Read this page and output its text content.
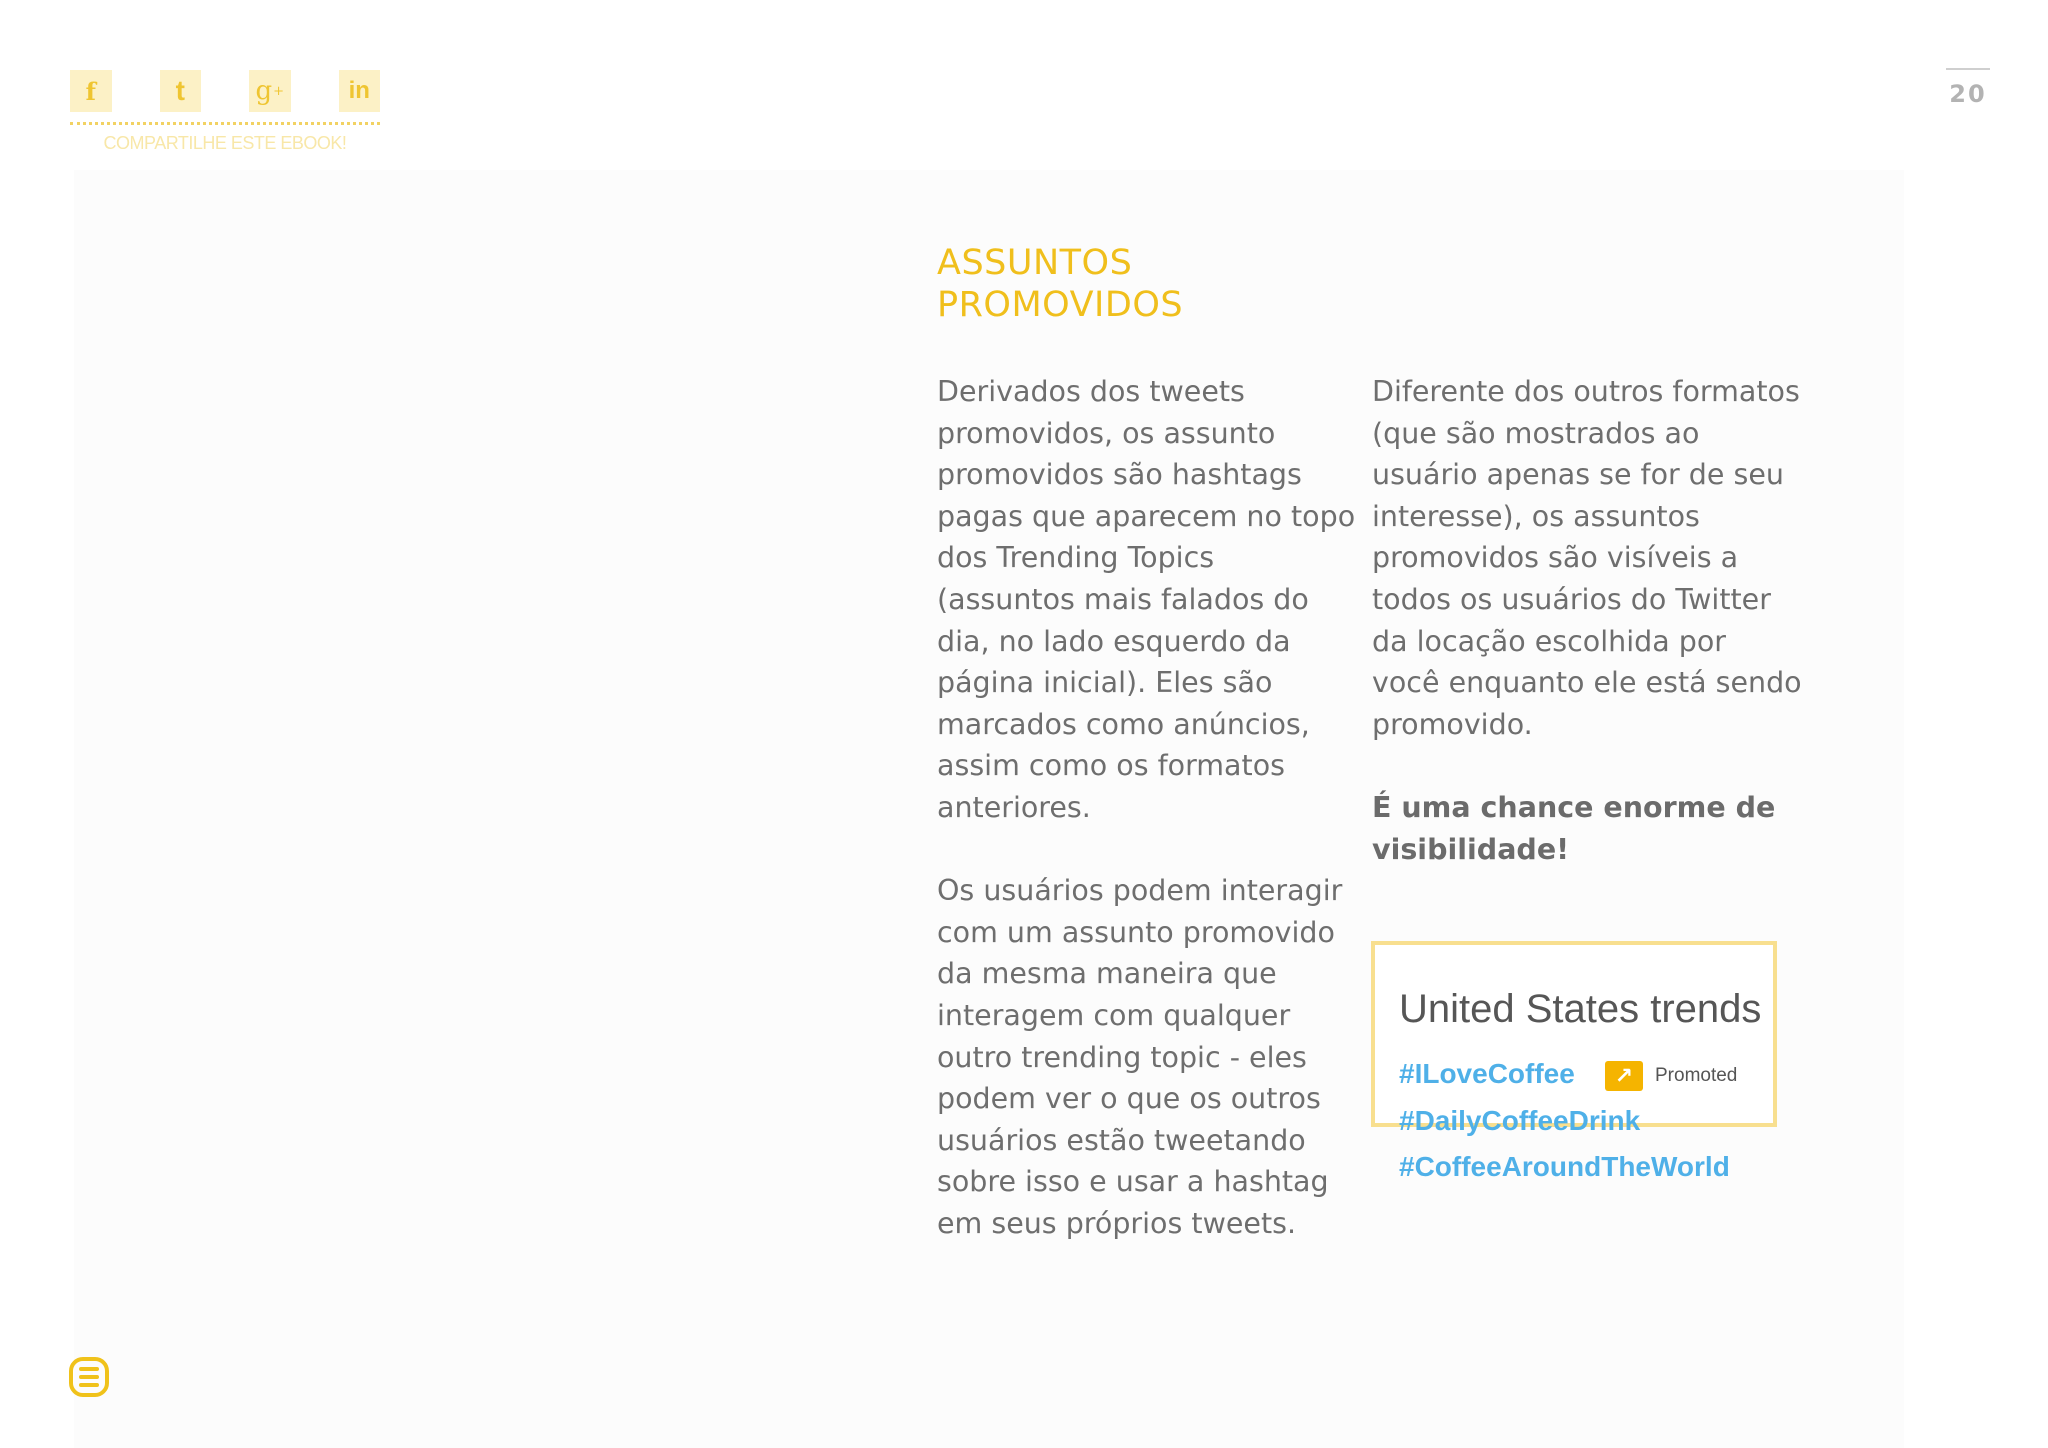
f	t	g +	in
COMPARTILHE ESTE EBOOK!
20
ASSUNTOS
PROMOVIDOS

Derivados dos tweets promovidos, os assunto promovidos são hashtags pagas que aparecem no topo dos Trending Topics (assuntos mais falados do dia, no lado esquerdo da página inicial). Eles são marcados como anúncios, assim como os formatos anteriores.

Os usuários podem interagir com um assunto promovido da mesma maneira que interagem com qualquer outro trending topic - eles podem ver o que os outros usuários estão tweetando sobre isso e usar a hashtag em seus próprios tweets.

Diferente dos outros formatos (que são mostrados ao usuário apenas se for de seu interesse), os assuntos promovidos são visíveis a todos os usuários do Twitter da locação escolhida por você enquanto ele está sendo promovido.

É uma chance enorme de visibilidade!

United States trends
#ILoveCoffee	↗	Promoted
#DailyCoffeeDrink
#CoffeeAroundTheWorld
